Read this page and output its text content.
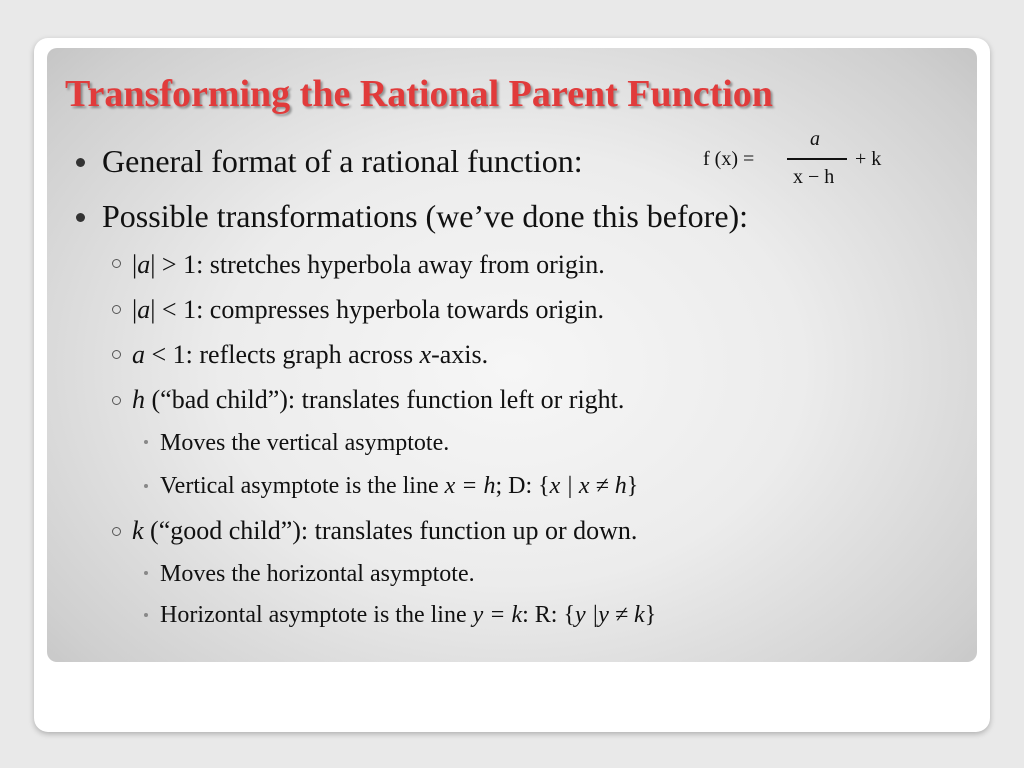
Transforming the Rational Parent Function
General format of a rational function:	f (x) =
a
x − h
+ k
Possible transformations (we’ve done this before):
|a| > 1: stretches hyperbola away from origin.
|a| < 1: compresses hyperbola towards origin.
a < 1: reflects graph across x-axis.
h (“bad child”): translates function left or right.
Moves the vertical asymptote.
Vertical asymptote is the line x = h; D: {x | x ≠ h}
k (“good child”): translates function up or down.
Moves the horizontal asymptote.
Horizontal asymptote is the line y = k: R: {y |y ≠ k}
